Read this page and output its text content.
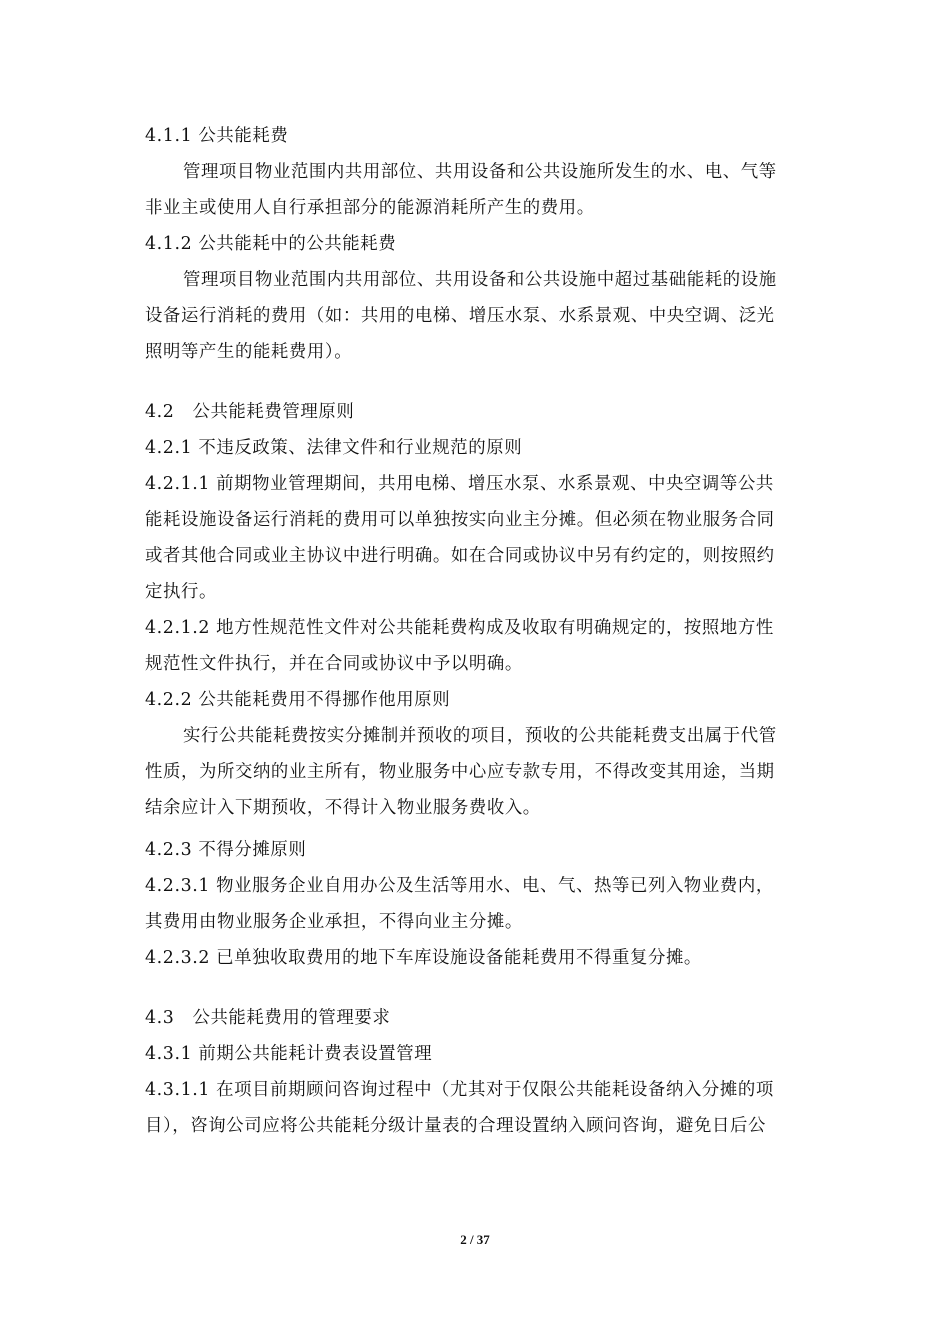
4.1.1 公共能耗费
管理项目物业范围内共用部位、共用设备和公共设施所发生的水、电、气等
非业主或使用人自行承担部分的能源消耗所产生的费用。
4.1.2 公共能耗中的公共能耗费
管理项目物业范围内共用部位、共用设备和公共设施中超过基础能耗的设施
设备运行消耗的费用（如：共用的电梯、增压水泵、水系景观、中央空调、泛光
照明等产生的能耗费用）。
4.2　公共能耗费管理原则
4.2.1 不违反政策、法律文件和行业规范的原则
4.2.1.1 前期物业管理期间，共用电梯、增压水泵、水系景观、中央空调等公共
能耗设施设备运行消耗的费用可以单独按实向业主分摊。但必须在物业服务合同
或者其他合同或业主协议中进行明确。如在合同或协议中另有约定的，则按照约
定执行。
4.2.1.2 地方性规范性文件对公共能耗费构成及收取有明确规定的，按照地方性
规范性文件执行，并在合同或协议中予以明确。
4.2.2 公共能耗费用不得挪作他用原则
实行公共能耗费按实分摊制并预收的项目，预收的公共能耗费支出属于代管
性质，为所交纳的业主所有，物业服务中心应专款专用，不得改变其用途，当期
结余应计入下期预收，不得计入物业服务费收入。
4.2.3 不得分摊原则
4.2.3.1 物业服务企业自用办公及生活等用水、电、气、热等已列入物业费内，
其费用由物业服务企业承担，不得向业主分摊。
4.2.3.2 已单独收取费用的地下车库设施设备能耗费用不得重复分摊。
4.3　公共能耗费用的管理要求
4.3.1 前期公共能耗计费表设置管理
4.3.1.1 在项目前期顾问咨询过程中（尤其对于仅限公共能耗设备纳入分摊的项
目），咨询公司应将公共能耗分级计量表的合理设置纳入顾问咨询，避免日后公
2 / 37
